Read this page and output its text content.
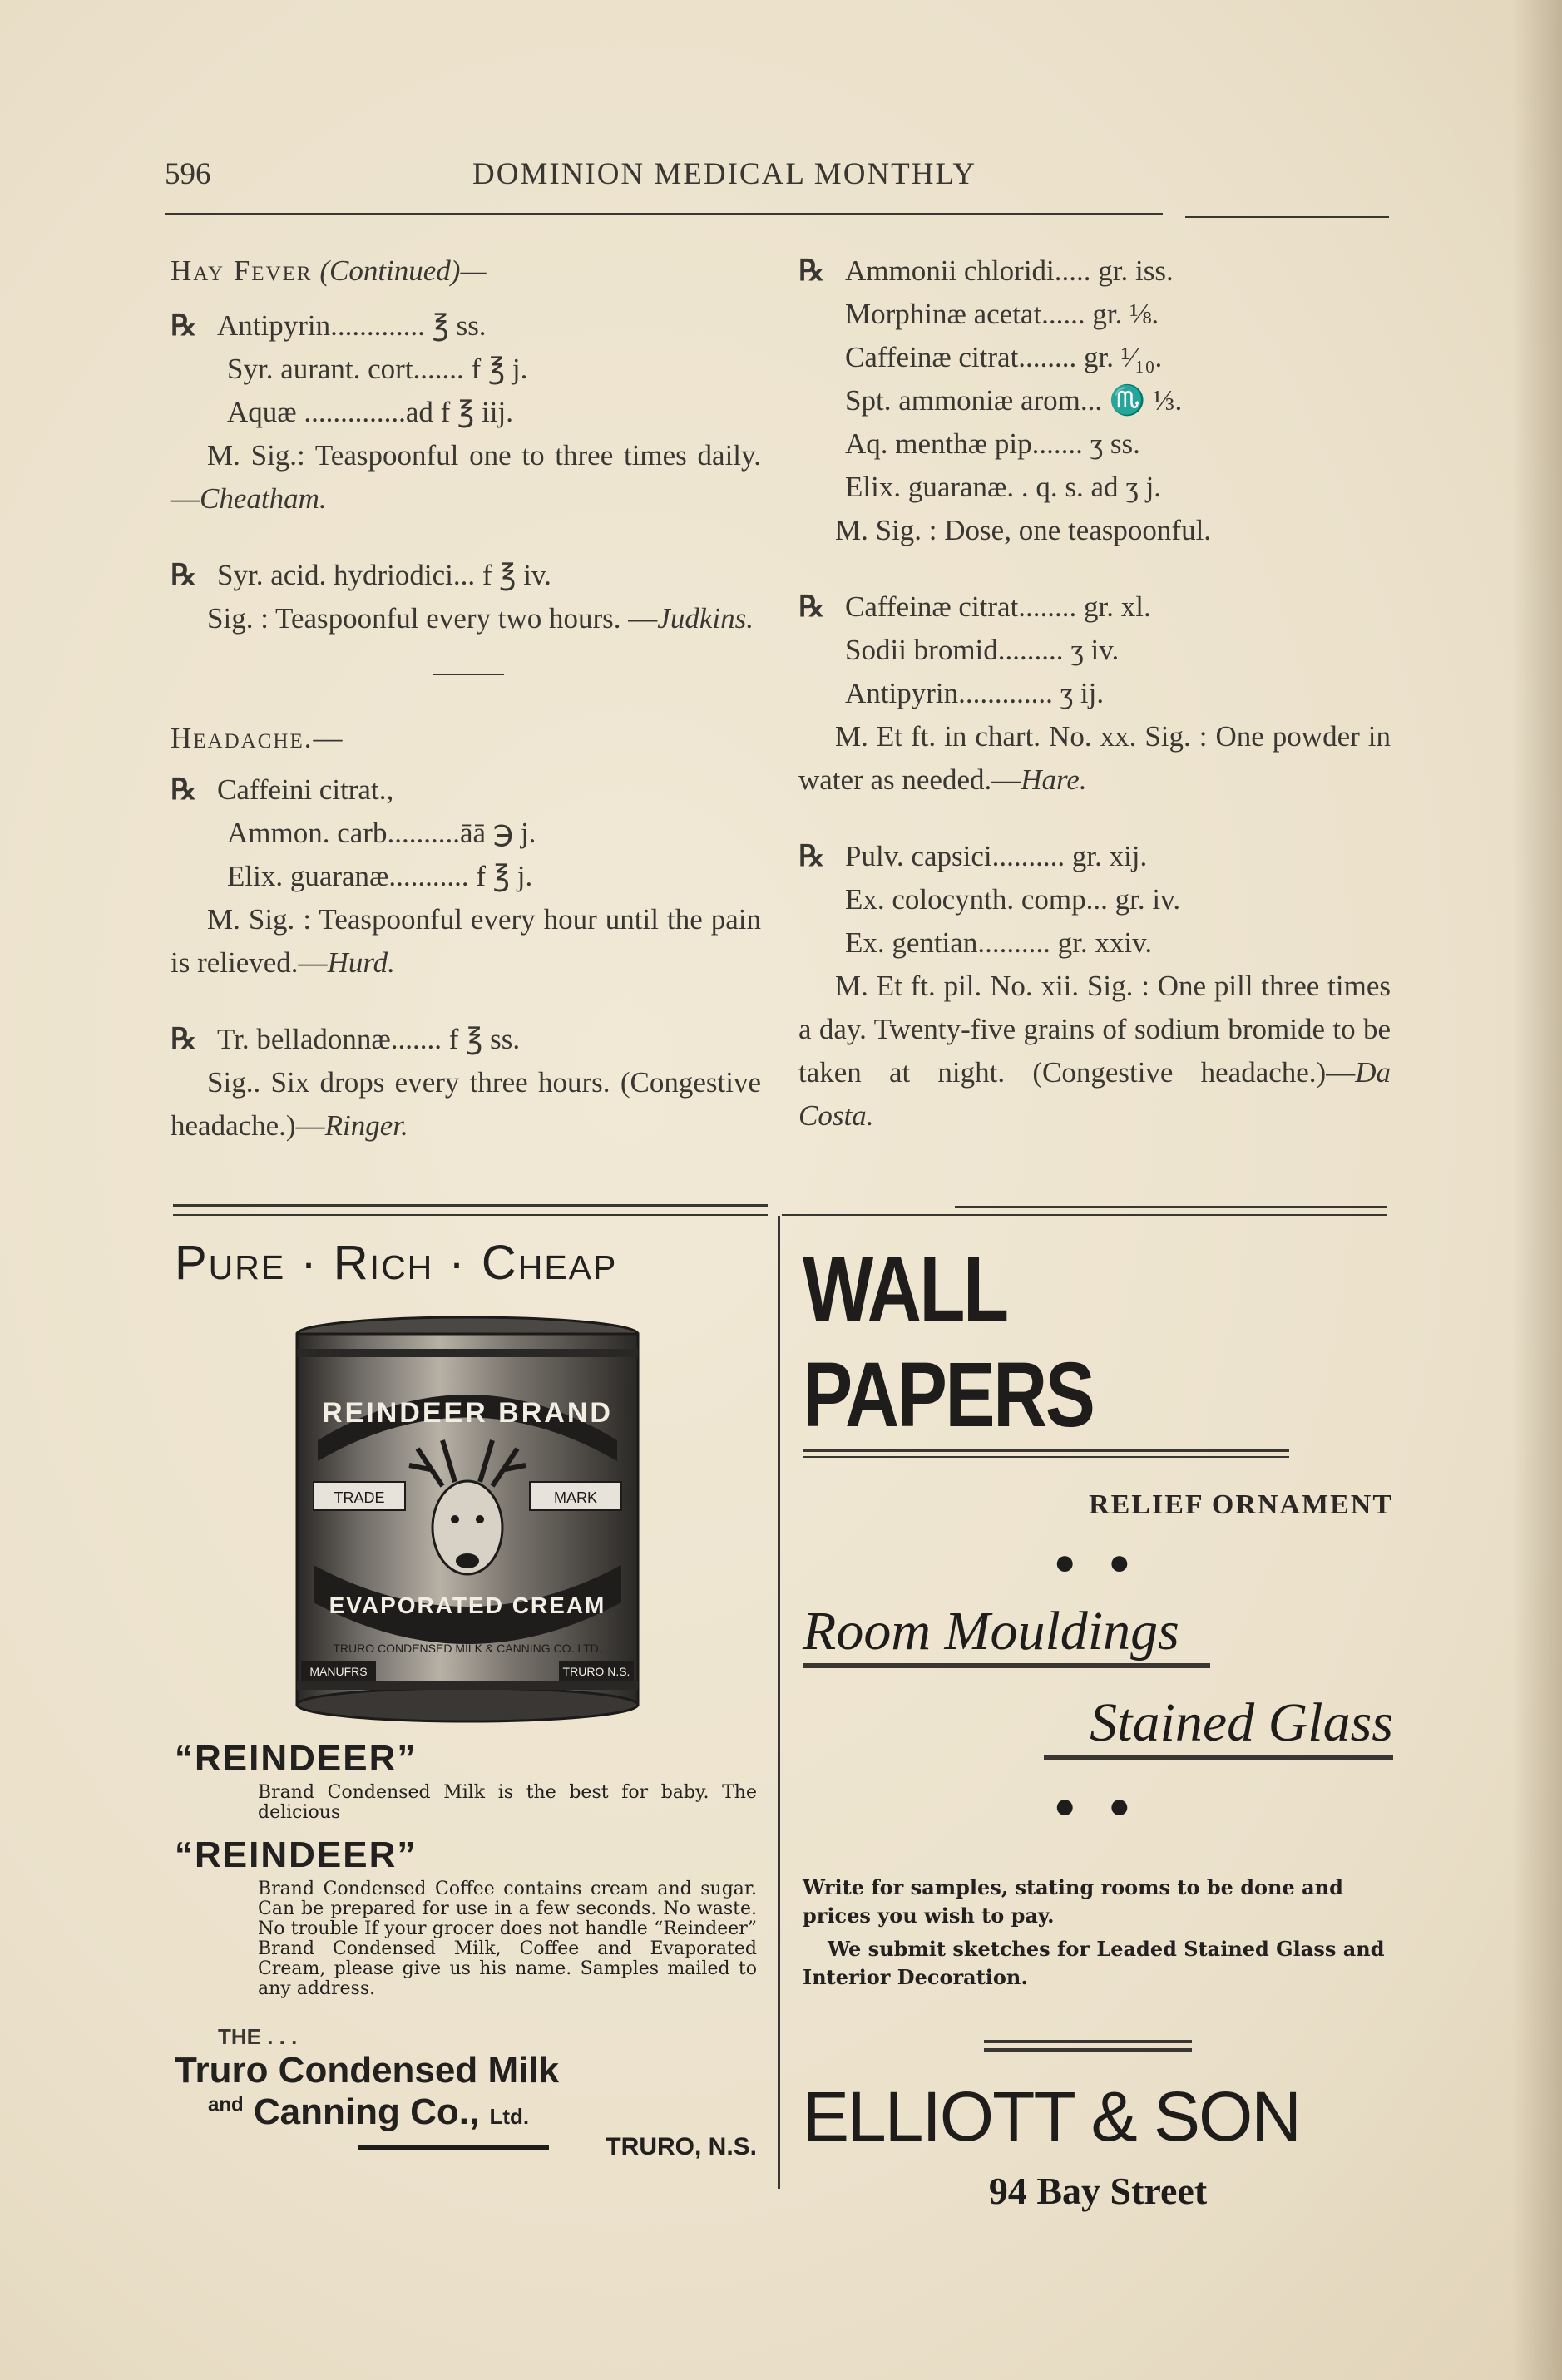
596	DOMINION MEDICAL MONTHLY

Hay Fever (Continued)—

℞ Antipyrin............. ℥ ss.

Syr. aurant. cort....... f ℥ j.

Aquæ ..............ad f ℥ iij.

M. Sig.: Teaspoonful one to three times daily.—Cheatham.

℞ Syr. acid. hydriodici... f ℥ iv.

Sig. : Teaspoonful every two hours. —Judkins.

Headache.—

℞ Caffeini citrat.,

Ammon. carb..........āā ℈ j.

Elix. guaranæ........... f ℥ j.

M. Sig. : Teaspoonful every hour until the pain is relieved.—Hurd.

℞ Tr. belladonnæ....... f ℥ ss.

Sig.. Six drops every three hours. (Congestive headache.)—Ringer.

℞ Ammonii chloridi..... gr. iss.

Morphinæ acetat...... gr. ⅛.

Caffeinæ citrat........ gr. ¹⁄₁₀.

Spt. ammoniæ arom... ♏ ⅓.

Aq. menthæ pip....... ʒ ss.

Elix. guaranæ. . q. s. ad ʒ j.

M. Sig. : Dose, one teaspoonful.

℞ Caffeinæ citrat........ gr. xl.

Sodii bromid......... ʒ iv.

Antipyrin............. ʒ ij.

M. Et ft. in chart. No. xx. Sig. : One powder in water as needed.—Hare.

℞ Pulv. capsici.......... gr. xij.

Ex. colocynth. comp... gr. iv.

Ex. gentian.......... gr. xxiv.

M. Et ft. pil. No. xii. Sig. : One pill three times a day. Twenty-five grains of sodium bromide to be taken at night. (Congestive headache.)—Da Costa.

Pure · Rich · Cheap

REINDEER BRAND
TRADE	MARK
EVAPORATED CREAM
TRURO CONDENSED MILK & CANNING CO. LTD.
MANUFRS	TRURO N.S.

“REINDEER”

Brand Condensed Milk is the best for baby. The delicious

“REINDEER”

Brand Condensed Coffee contains cream and sugar. Can be prepared for use in a few seconds. No waste. No trouble If your grocer does not handle “Reindeer” Brand Condensed Milk, Coffee and Evaporated Cream, please give us his name. Samples mailed to any address.

THE . . .

Truro Condensed Milk

$^{and}$ Canning Co., Ltd.

TRURO, N.S.

WALL PAPERS

RELIEF ORNAMENT

● ●

Room Mouldings

Stained Glass

● ●

Write for samples, stating rooms to be done and prices you wish to pay.

We submit sketches for Leaded Stained Glass and Interior Decoration.

ELLIOTT & SON

94 Bay Street
